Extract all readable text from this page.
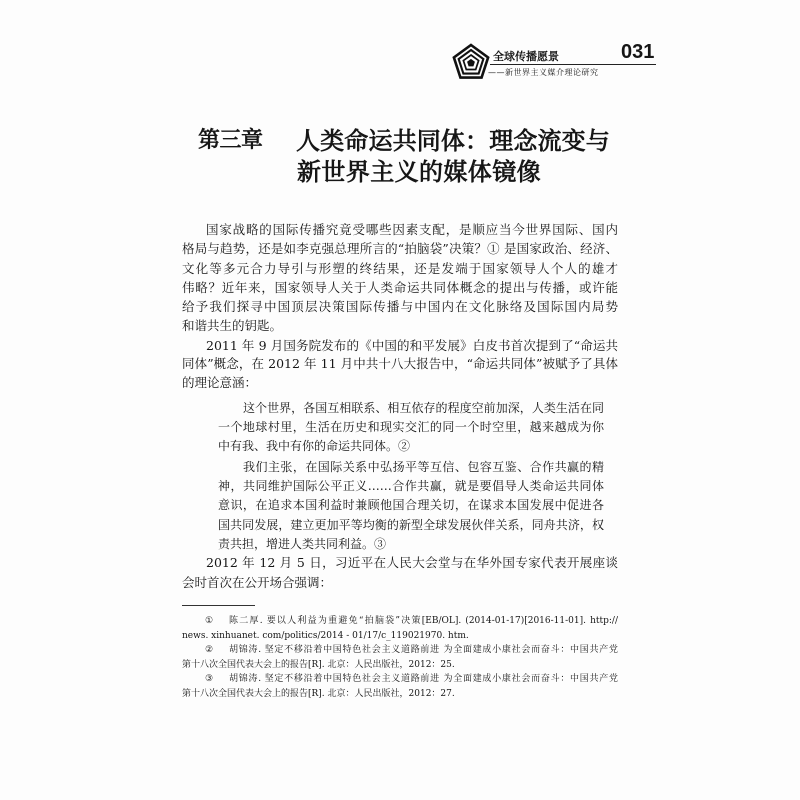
全球传播愿景
——新世界主义媒介理论研究
031
第三章 人类命运共同体：理念流变与
新世界主义的媒体镜像
国家战略的国际传播究竟受哪些因素支配，是顺应当今世界国际、国内
格局与趋势，还是如李克强总理所言的“拍脑袋”决策？① 是国家政治、经济、
文化等多元合力导引与形塑的终结果，还是发端于国家领导人个人的雄才
伟略？近年来，国家领导人关于人类命运共同体概念的提出与传播，或许能
给予我们探寻中国顶层决策国际传播与中国内在文化脉络及国际国内局势
和谐共生的钥匙。
2011 年 9 月国务院发布的《中国的和平发展》白皮书首次提到了“命运共
同体”概念，在 2012 年 11 月中共十八大报告中，“命运共同体”被赋予了具体
的理论意涵：
这个世界，各国互相联系、相互依存的程度空前加深，人类生活在同
一个地球村里，生活在历史和现实交汇的同一个时空里，越来越成为你
中有我、我中有你的命运共同体。②
我们主张，在国际关系中弘扬平等互信、包容互鉴、合作共赢的精
神，共同维护国际公平正义……合作共赢，就是要倡导人类命运共同体
意识，在追求本国利益时兼顾他国合理关切，在谋求本国发展中促进各
国共同发展，建立更加平等均衡的新型全球发展伙伴关系，同舟共济，权
责共担，增进人类共同利益。③
2012 年 12 月 5 日，习近平在人民大会堂与在华外国专家代表开展座谈
会时首次在公开场合强调：
① 陈二厚. 要以人利益为重避免“拍脑袋”决策[EB/OL]. (2014-01-17)[2016-11-01]. http://
news. xinhuanet. com/politics/2014 - 01/17/c_119021970. htm.
② 胡锦涛. 坚定不移沿着中国特色社会主义道路前进 为全面建成小康社会而奋斗：中国共产党
第十八次全国代表大会上的报告[R]. 北京：人民出版社，2012：25.
③ 胡锦涛. 坚定不移沿着中国特色社会主义道路前进 为全面建成小康社会而奋斗：中国共产党
第十八次全国代表大会上的报告[R]. 北京：人民出版社，2012：27.
